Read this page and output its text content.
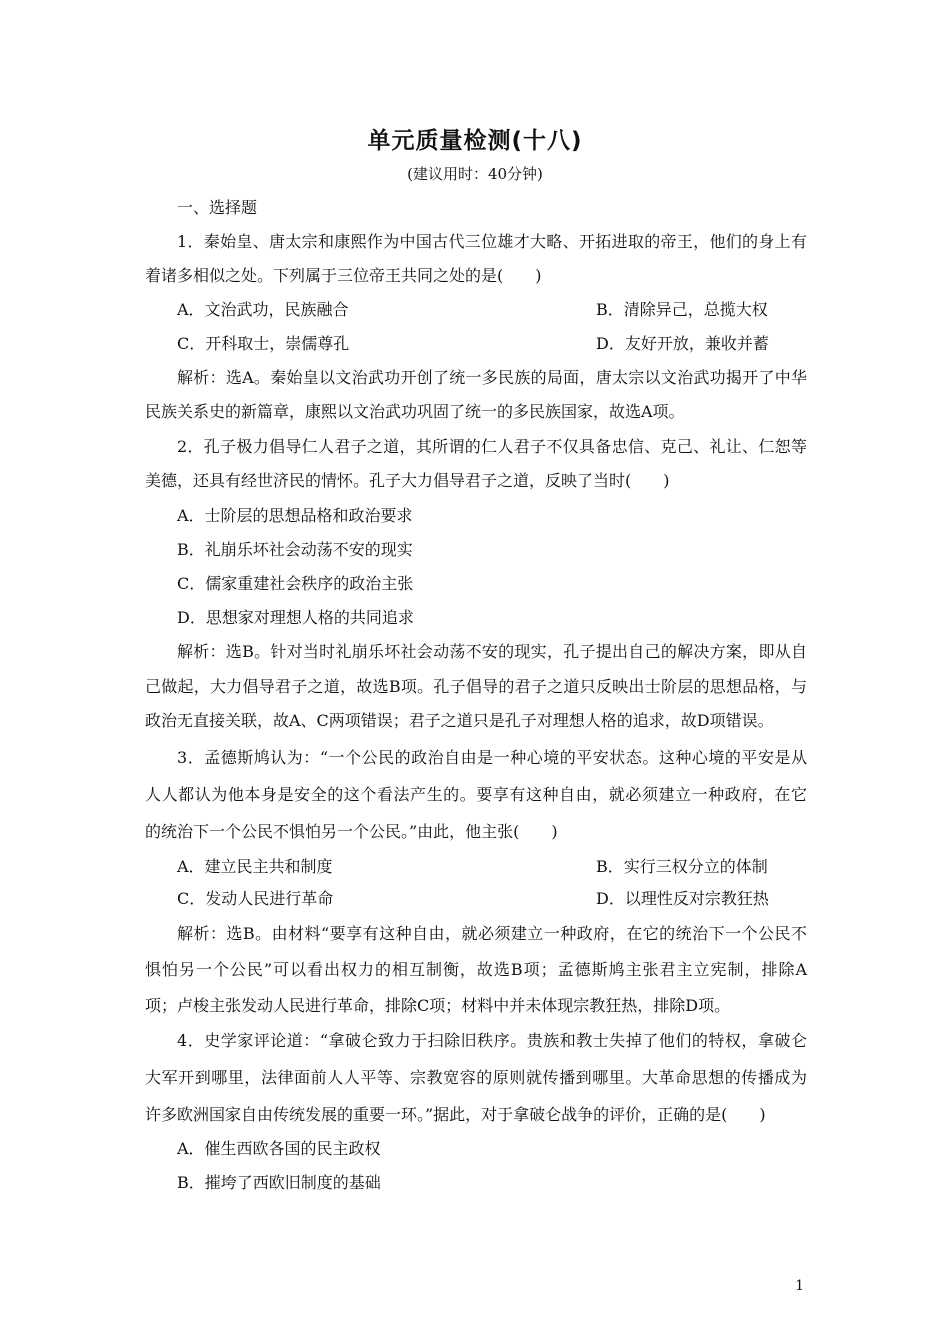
单元质量检测(十八)
(建议用时：40分钟)
一、选择题
1．秦始皇、唐太宗和康熙作为中国古代三位雄才大略、开拓进取的帝王，他们的身上有
着诸多相似之处。下列属于三位帝王共同之处的是(　　)
A．文治武功，民族融合	B．清除异己，总揽大权
C．开科取士，崇儒尊孔	D．友好开放，兼收并蓄
解析：选A。秦始皇以文治武功开创了统一多民族的局面，唐太宗以文治武功揭开了中华
民族关系史的新篇章，康熙以文治武功巩固了统一的多民族国家，故选A项。
2．孔子极力倡导仁人君子之道，其所谓的仁人君子不仅具备忠信、克己、礼让、仁恕等
美德，还具有经世济民的情怀。孔子大力倡导君子之道，反映了当时(　　)
A．士阶层的思想品格和政治要求
B．礼崩乐坏社会动荡不安的现实
C．儒家重建社会秩序的政治主张
D．思想家对理想人格的共同追求
解析：选B。针对当时礼崩乐坏社会动荡不安的现实，孔子提出自己的解决方案，即从自
己做起，大力倡导君子之道，故选B项。孔子倡导的君子之道只反映出士阶层的思想品格，与
政治无直接关联，故A、C两项错误；君子之道只是孔子对理想人格的追求，故D项错误。
3．孟德斯鸠认为：“一个公民的政治自由是一种心境的平安状态。这种心境的平安是从
人人都认为他本身是安全的这个看法产生的。要享有这种自由，就必须建立一种政府，在它
的统治下一个公民不惧怕另一个公民。”由此，他主张(　　)
A．建立民主共和制度	B．实行三权分立的体制
C．发动人民进行革命	D．以理性反对宗教狂热
解析：选B。由材料“要享有这种自由，就必须建立一种政府，在它的统治下一个公民不
惧怕另一个公民”可以看出权力的相互制衡，故选B项；孟德斯鸠主张君主立宪制，排除A
项；卢梭主张发动人民进行革命，排除C项；材料中并未体现宗教狂热，排除D项。
4．史学家评论道：“拿破仑致力于扫除旧秩序。贵族和教士失掉了他们的特权，拿破仑
大军开到哪里，法律面前人人平等、宗教宽容的原则就传播到哪里。大革命思想的传播成为
许多欧洲国家自由传统发展的重要一环。”据此，对于拿破仑战争的评价，正确的是(　　)
A．催生西欧各国的民主政权
B．摧垮了西欧旧制度的基础
1
